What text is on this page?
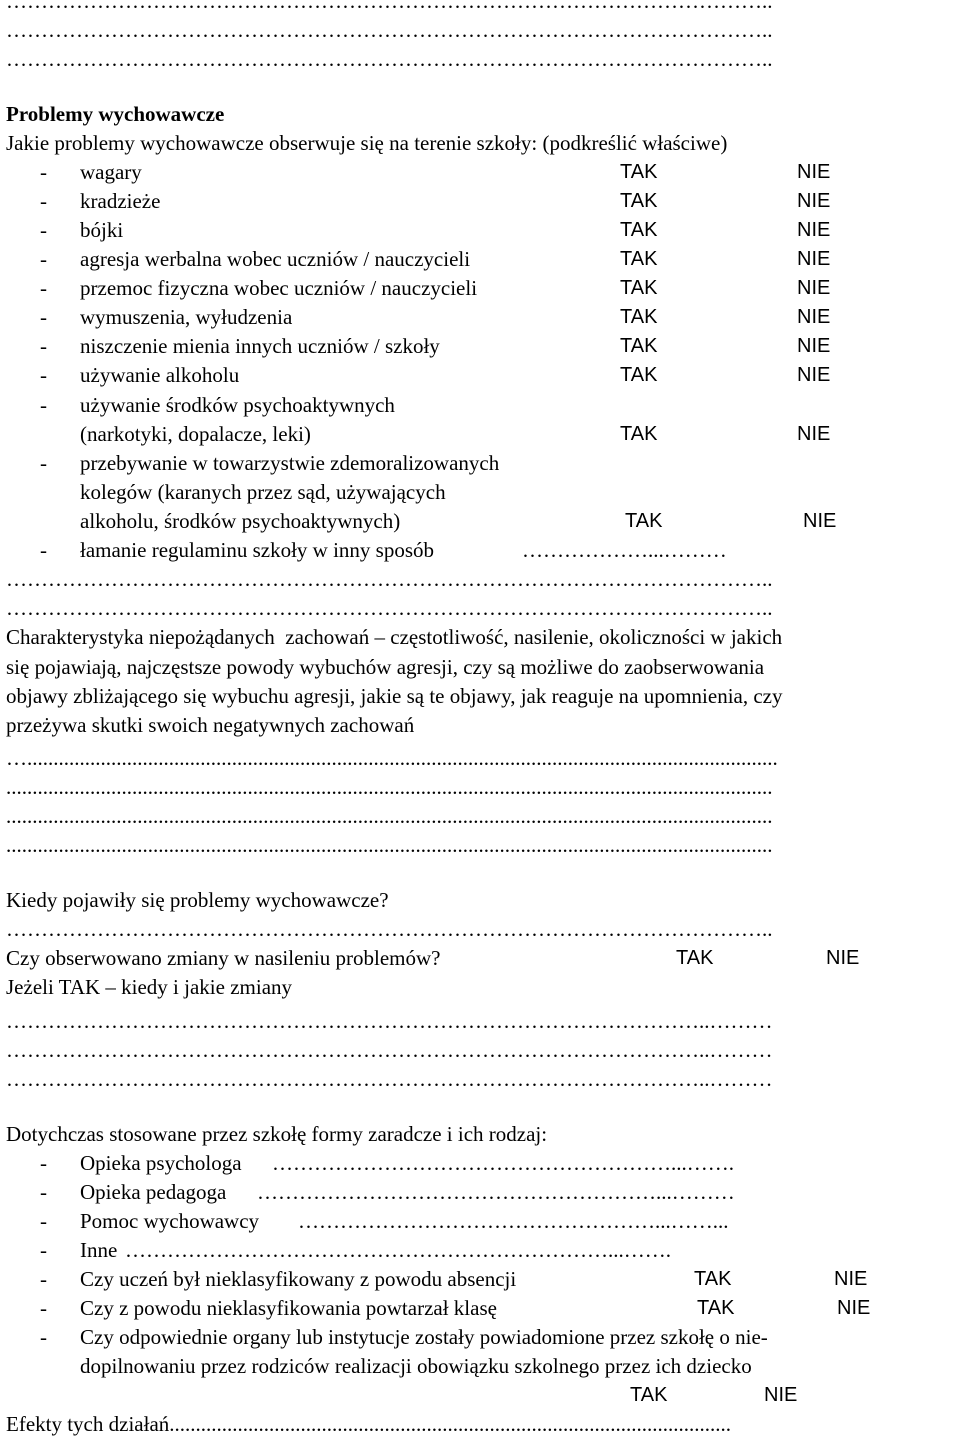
………………………………………………………………………………………………..
………………………………………………………………………………………………..
………………………………………………………………………………………………..
Problemy wychowawcze
Jakie problemy wychowawcze obserwuje się na terenie szkoły: (podkreślić właściwe)
- wagary	TAK	NIE
- kradzieże	TAK	NIE
- bójki	TAK	NIE
- agresja werbalna wobec uczniów / nauczycieli	TAK	NIE
- przemoc fizyczna wobec uczniów / nauczycieli	TAK	NIE
- wymuszenia, wyłudzenia	TAK	NIE
- niszczenie mienia innych uczniów / szkoły	TAK	NIE
- używanie alkoholu	TAK	NIE
- używanie środków psychoaktywnych
(narkotyki, dopalacze, leki)	TAK	NIE
- przebywanie w towarzystwie zdemoralizowanych
kolegów (karanych przez sąd, używających
alkoholu, środków psychoaktywnych)	TAK	NIE
- łamanie regulaminu szkoły w inny sposób	………………...………
………………………………………………………………………………………………..
………………………………………………………………………………………………..
Charakterystyka niepożądanych  zachowań – częstotliwość, nasilenie, okoliczności w jakich
się pojawiają, najczęstsze powody wybuchów agresji, czy są możliwe do zaobserwowania
objawy zbliżającego się wybuchu agresji, jakie są te objawy, jak reaguje na upomnienia, czy
przeżywa skutki swoich negatywnych zachowań
…...............................................................................................................................................
..................................................................................................................................................
..................................................................................................................................................
..................................................................................................................................................
Kiedy pojawiły się problemy wychowawcze?
………………………………………………………………………………………………..
Czy obserwowano zmiany w nasileniu problemów?	TAK	NIE
Jeżeli TAK – kiedy i jakie zmiany
………………………………………………………………………………………..………
………………………………………………………………………………………..………
………………………………………………………………………………………..………
Dotychczas stosowane przez szkołę formy zaradcze i ich rodzaj:
- Opieka psychologa …………………………………………………...…….
- Opieka pedagoga …………………………………………………...………
- Pomoc wychowawcy ……………………………………………...……...
- Inne ……………………………………………………………...…….
- Czy uczeń był nieklasyfikowany z powodu absencji	TAK	NIE
- Czy z powodu nieklasyfikowania powtarzał klasę	TAK	NIE
- Czy odpowiednie organy lub instytucje zostały powiadomione przez szkołę o nie-
dopilnowaniu przez rodziców realizacji obowiązku szkolnego przez ich dziecko
TAK	NIE
Efekty tych działań...........................................................................................................
